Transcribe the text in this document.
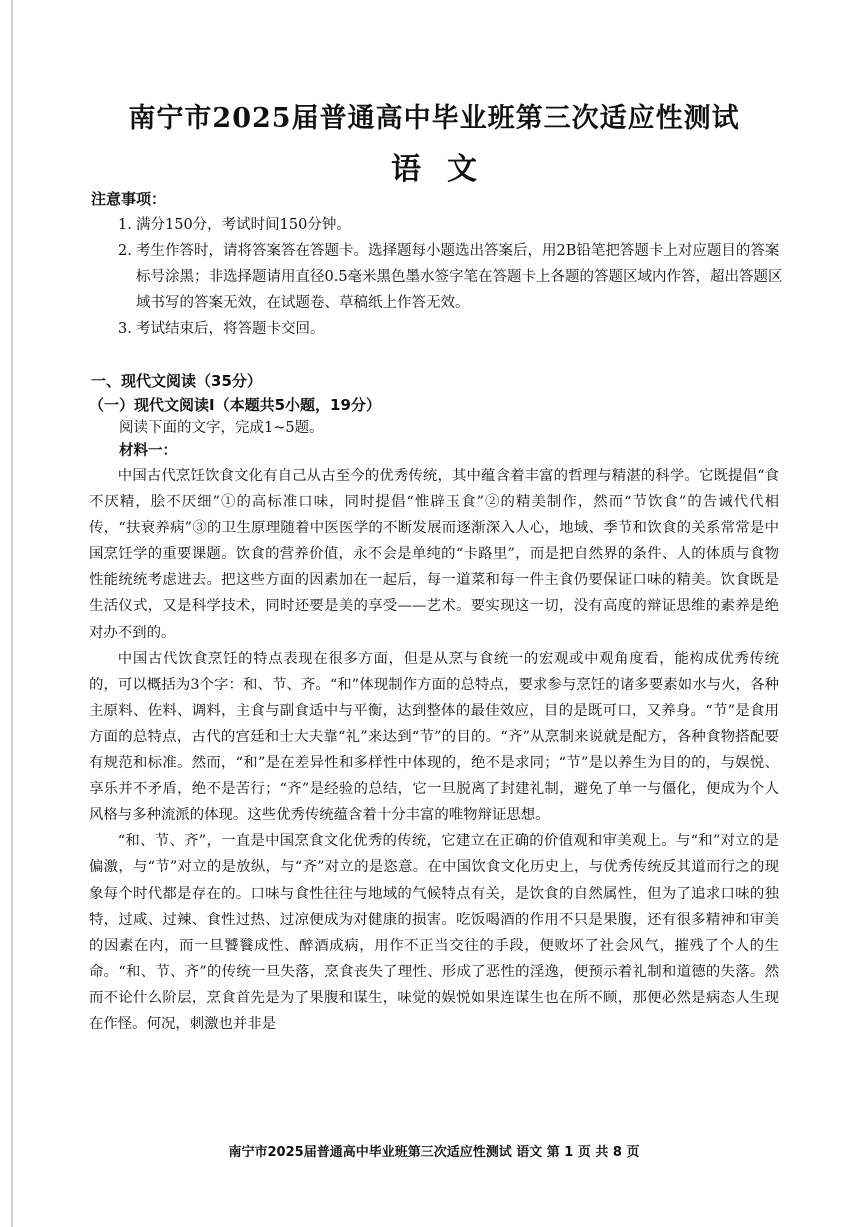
南宁市2025届普通高中毕业班第三次适应性测试
语文
注意事项：
1. 满分150分，考试时间150分钟。
2. 考生作答时，请将答案答在答题卡。选择题每小题选出答案后，用2B铅笔把答题卡上对应题目的答案标号涂黑；非选择题请用直径0.5毫米黑色墨水签字笔在答题卡上各题的答题区域内作答，超出答题区域书写的答案无效，在试题卷、草稿纸上作答无效。
3. 考试结束后，将答题卡交回。
一、现代文阅读（35分）
（一）现代文阅读Ⅰ（本题共5小题，19分）
阅读下面的文字，完成1~5题。
材料一：

中国古代烹饪饮食文化有自己从古至今的优秀传统，其中蕴含着丰富的哲理与精湛的科学。它既提倡“食不厌精，脍不厌细”①的高标准口味，同时提倡“惟辟玉食”②的精美制作，然而“节饮食”的告诫代代相传，“扶衰养病”③的卫生原理随着中医医学的不断发展而逐渐深入人心，地域、季节和饮食的关系常常是中国烹饪学的重要课题。饮食的营养价值，永不会是单纯的“卡路里”，而是把自然界的条件、人的体质与食物性能统统考虑进去。把这些方面的因素加在一起后，每一道菜和每一件主食仍要保证口味的精美。饮食既是生活仪式，又是科学技术，同时还要是美的享受——艺术。要实现这一切，没有高度的辩证思维的素养是绝对办不到的。

中国古代饮食烹饪的特点表现在很多方面，但是从烹与食统一的宏观或中观角度看，能构成优秀传统的，可以概括为3个字：和、节、齐。“和”体现制作方面的总特点，要求参与烹饪的诸多要素如水与火，各种主原料、佐料、调料，主食与副食适中与平衡，达到整体的最佳效应，目的是既可口，又养身。“节”是食用方面的总特点，古代的宫廷和士大夫靠“礼”来达到“节”的目的。“齐”从烹制来说就是配方，各种食物搭配要有规范和标准。然而，“和”是在差异性和多样性中体现的，绝不是求同；“节”是以养生为目的的，与娱悦、享乐并不矛盾，绝不是苦行；“齐”是经验的总结，它一旦脱离了封建礼制，避免了单一与僵化，便成为个人风格与多种流派的体现。这些优秀传统蕴含着十分丰富的唯物辩证思想。

“和、节、齐”，一直是中国烹食文化优秀的传统，它建立在正确的价值观和审美观上。与“和”对立的是偏激，与“节”对立的是放纵，与“齐”对立的是恣意。在中国饮食文化历史上，与优秀传统反其道而行之的现象每个时代都是存在的。口味与食性往往与地域的气候特点有关，是饮食的自然属性，但为了追求口味的独特，过咸、过辣、食性过热、过凉便成为对健康的损害。吃饭喝酒的作用不只是果腹，还有很多精神和审美的因素在内，而一旦饕餮成性、醉酒成病，用作不正当交往的手段，便败坏了社会风气，摧残了个人的生命。“和、节、齐”的传统一旦失落，烹食丧失了理性、形成了恶性的淫逸，便预示着礼制和道德的失落。然而不论什么阶层，烹食首先是为了果腹和谋生，味觉的娱悦如果连谋生也在所不顾，那便必然是病态人生现在作怪。何况，刺激也并非是

南宁市2025届普通高中毕业班第三次适应性测试 语文 第 1 页 共 8 页
